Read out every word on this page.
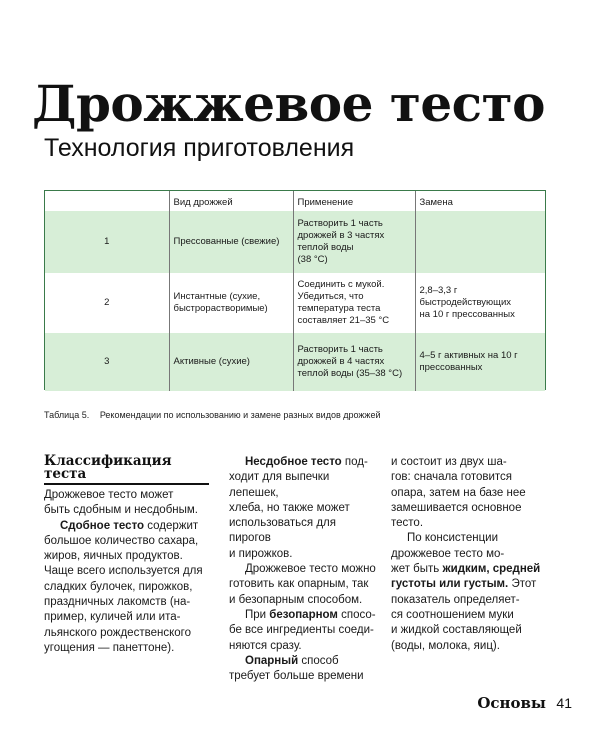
Дрожжевое тесто
Технология приготовления
	Вид дрожжей	Применение	Замена
1	Прессованные (свежие)	Растворить 1 часть
дрожжей в 3 частях
теплой воды
(38 °C)	
2	Инстантные (сухие,
быстрорастворимые)	Соединить с мукой.
Убедиться, что
температура теста
составляет 21–35 °C	2,8–3,3 г
быстродействующих
на 10 г прессованных
3	Активные (сухие)	Растворить 1 часть
дрожжей в 4 частях
теплой воды (35–38 °C)	4–5 г активных на 10 г
прессованных
Таблица 5. Рекомендации по использованию и замене разных видов дрожжей
Классификация
теста

Дрожжевое тесто может
быть сдобным и несдобным.

Сдобное тесто содержит
большое количество сахара,
жиров, яичных продуктов.
Чаще всего используется для
сладких булочек, пирожков,
праздничных лакомств (на-
пример, куличей или ита-
льянского рождественского
угощения — панеттоне).

Несдобное тесто под-
ходит для выпечки лепешек,
хлеба, но также может
использоваться для пирогов
и пирожков.

Дрожжевое тесто можно
готовить как опарным, так
и безопарным способом.

При безопарном спосо-
бе все ингредиенты соеди-
няются сразу.

Опарный способ
требует больше времени

и состоит из двух ша-
гов: сначала готовится
опара, затем на базе нее
замешивается основное
тесто.

По консистенции
дрожжевое тесто мо-
жет быть жидким, средней
густоты или густым. Этот
показатель определяет-
ся соотношением муки
и жидкой составляющей
(воды, молока, яиц).

Основы 41
